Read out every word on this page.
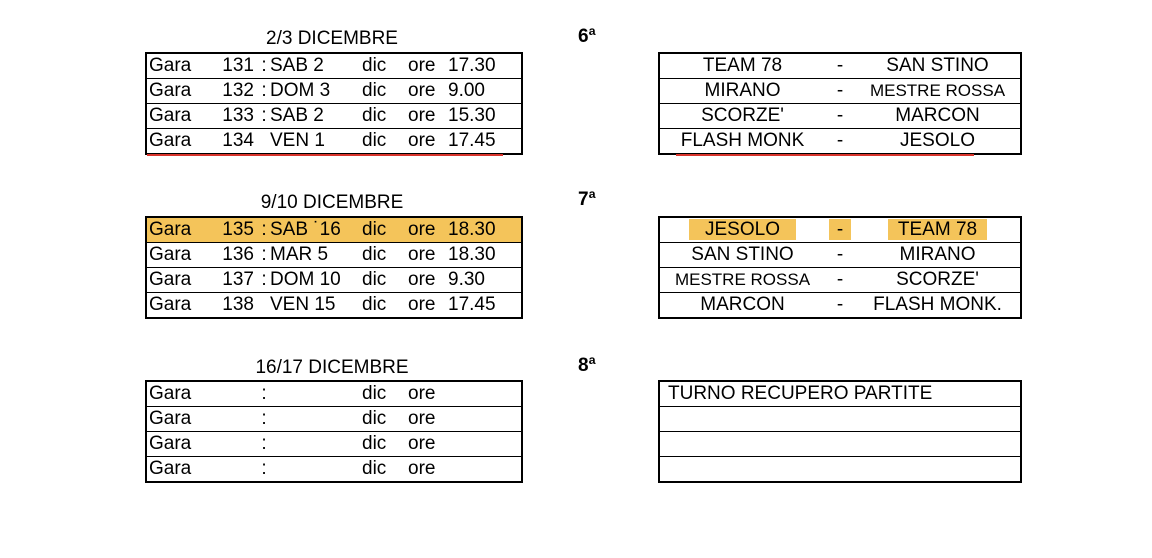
2/3 DICEMBRE	6ª
Gara	131	:	SAB 2	dic	ore	17.30
Gara	132	:	DOM 3	dic	ore	9.00
Gara	133	:	SAB 2	dic	ore	15.30
Gara	134		VEN 1	dic	ore	17.45
TEAM 78	-	SAN STINO
MIRANO	-	MESTRE ROSSA
SCORZE'	-	MARCON
FLASH MONK	-	JESOLO
9/10 DICEMBRE	7ª
Gara	135	:	SAB ˙16	dic	ore	18.30
Gara	136	:	MAR 5	dic	ore	18.30
Gara	137	:	DOM 10	dic	ore	9.30
Gara	138		VEN 15	dic	ore	17.45
JESOLO	-	TEAM 78
SAN STINO	-	MIRANO
MESTRE ROSSA	-	SCORZE'
MARCON	-	FLASH MONK.
16/17 DICEMBRE	8ª
Gara		:		dic	ore	
Gara		:		dic	ore	
Gara		:		dic	ore	
Gara		:		dic	ore	
TURNO RECUPERO PARTITE
